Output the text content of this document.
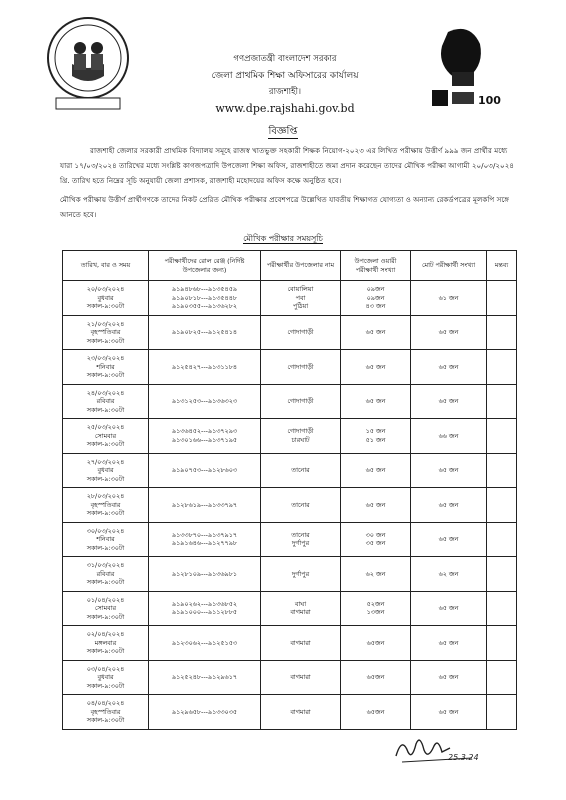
100
গণপ্রজাতন্ত্রী বাংলাদেশ সরকার
জেলা প্রাথমিক শিক্ষা অফিসারের কার্যালয়
রাজশাহী।
www.dpe.rajshahi.gov.bd
বিজ্ঞপ্তি
রাজশাহী জেলার সরকারী প্রাথমিক বিদ্যালয় সমূহে রাজস্ব খাতভুক্ত সহকারী শিক্ষক নিয়োগ-২০২৩ এর লিখিত পরীক্ষায় উত্তীর্ণ ৯৯৯ জন প্রার্থীর মধ্যে যারা ১৭/০৩/২০২৪ তারিখের মধ্যে সংশ্লিষ্ট কাগজপত্রাদি উপজেলা শিক্ষা অফিস, রাজশাহীতে জমা প্রদান করেছেন তাদের মৌখিক পরীক্ষা আগামী ২০/০৩/২০২৪ খ্রি. তারিখ হতে নিম্নের সূচি অনুযায়ী জেলা প্রশাসক, রাজশাহী মহোদয়ের অফিস কক্ষে অনুষ্ঠিত হবে।
মৌখিক পরীক্ষায় উত্তীর্ণ প্রার্থীগণকে তাদের নিকট প্রেরিত মৌখিক পরীক্ষার প্রবেশপত্রে উল্লেখিত যাবতীয় শিক্ষাগত যোগ্যতা ও অন্যান্য রেকর্ডপত্রের মূলকপি সঙ্গে আনতে হবে।
মৌখিক পরীক্ষার সময়সূচি
তারিখ, বার ও সময়	পরীক্ষার্থীদের রোল রেঞ্জ (নির্দিষ্ট উপজেলার জন্য)	পরীক্ষার্থীর উপজেলার নাম	উপজেলা ওয়ারী পরীক্ষার্থী সংখ্যা	মোট পরীক্ষার্থী সংখ্যা	মন্তব্য

২০/০৩/২০২৪
বুধবার
সকাল-৯:৩০টা	৯১৯৪৮৬৮---৯১৩৫৪৫৯
৯১৯০৮১৮---৯১৩৫৪৪৮
৯১৯০৩৫৫---৯১৩৬২৮২	বোয়ালিয়া
পবা
পুঠিয়া	০৯জন
০৯জন
৪৩ জন	৬১ জন	

২১/০৩/২০২৪
বৃহস্পতিবার
সকাল-৯:৩০টা	৯১৯০৮২৫---৯১২৫৪১৪	গোদাগাড়ী	৬৫ জন	৬৫ জন	

২৩/০৩/২০২৪
শনিবার
সকাল-৯:৩০টা	৯১২৫৪২৭---৯১৩১১৮৪	গোদাগাড়ী	৬৫ জন	৬৫ জন	

২৪/০৩/২০২৪
রবিবার
সকাল-৯:৩০টা	৯১৩১২৫৩---৯১৩৬৩২৩	গোদাগাড়ী	৬৫ জন	৬৫ জন	

২৫/০৩/২০২৪
সোমবার
সকাল-৯:৩০টা	৯১৩৬৪৫২---৯১৩৭২৯৩
৯১৩০১৬৬---৯১৩৭১৯৫	গোদাগাড়ী
চারঘাট	১৫ জন
৫১ জন	৬৬ জন	

২৭/০৩/২০২৪
বুধবার
সকাল-৯:৩০টা	৯১৯০৭৫৩---৯১২৮৬০৩	তানোর	৬৫ জন	৬৫ জন	

২৮/০৩/২০২৪
বৃহস্পতিবার
সকাল-৯:৩০টা	৯১২৮৬১৯---৯১৩৩৭৯৭	তানোর	৬৫ জন	৬৫ জন	

৩০/০৩/২০২৪
শনিবার
সকাল-৯:৩০টা	৯১৩৩৮৭০---৯১৩৭৯১৭
৯১৯১৬৪৬---৯১২৭৭৯৮	তানোর
দুর্গাপুর	৩০ জন
৩৫ জন	৬৫ জন	

৩১/০৩/২০২৪
রবিবার
সকাল-৯:৩০টা	৯১২৮১০৯---৯১৩৬৯৮১	দুর্গাপুর	৬২ জন	৬২ জন	

০১/০৪/২০২৪
সোমবার
সকাল-৯:৩০টা	৯১৯০২৬২---৯১৩৬৮৫২
৯১৯১০০০---৯১১২৮৮৫	বাঘা
বাগমারা	৫২জন
১৩জন	৬৫ জন	

০২/০৪/২০২৪
মঙ্গলবার
সকাল-৯:৩০টা	৯১২৩০৬২---৯১২৫১৫৩	বাগমারা	৬৫জন	৬৫ জন	

০৩/০৪/২০২৪
বুধবার
সকাল-৯:৩০টা	৯১২৫২৪৮---৯১২৯৬১৭	বাগমারা	৬৫জন	৬৫ জন	

০৪/০৪/২০২৪
বৃহস্পতিবার
সকাল-৯:৩০টা	৯১২৯৬৫৮---৯১৩৩০৩৫	বাগমারা	৬৫জন	৬৫ জন	

25.3.24
